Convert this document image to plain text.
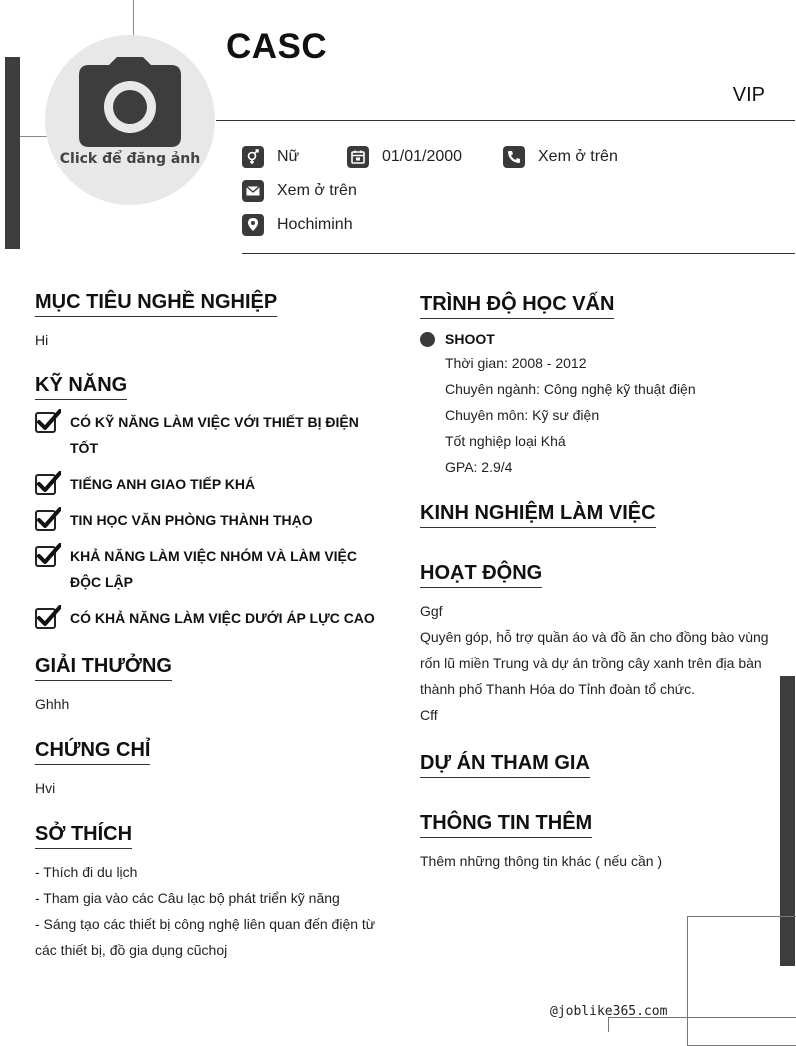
Click để đăng ảnh
CASC
VIP
Nữ	01/01/2000	Xem ở trên
Xem ở trên
Hochiminh
MỤC TIÊU NGHỀ NGHIỆP
Hi
KỸ NĂNG
CÓ KỸ NĂNG LÀM VIỆC VỚI THIẾT BỊ ĐIỆN TỐT
TIẾNG ANH GIAO TIẾP KHÁ
TIN HỌC VĂN PHÒNG THÀNH THẠO
KHẢ NĂNG LÀM VIỆC NHÓM VÀ LÀM VIỆC ĐỘC LẬP
CÓ KHẢ NĂNG LÀM VIỆC DƯỚI ÁP LỰC CAO
GIẢI THƯỞNG
Ghhh
CHỨNG CHỈ
Hvi
SỞ THÍCH
- Thích đi du lịch
- Tham gia vào các Câu lạc bộ phát triển kỹ năng
- Sáng tạo các thiết bị công nghệ liên quan đến điện từ các thiết bị, đồ gia dụng cũchoj
TRÌNH ĐỘ HỌC VẤN
SHOOT
Thời gian: 2008 - 2012
Chuyên ngành: Công nghệ kỹ thuật điện
Chuyên môn: Kỹ sư điện
Tốt nghiệp loại Khá
GPA: 2.9/4
KINH NGHIỆM LÀM VIỆC
HOẠT ĐỘNG
Ggf
Quyên góp, hỗ trợ quần áo và đồ ăn cho đồng bào vùng rốn lũ miền Trung và dự án trồng cây xanh trên địa bàn thành phố Thanh Hóa do Tỉnh đoàn tổ chức.
Cff
DỰ ÁN THAM GIA
THÔNG TIN THÊM
Thêm những thông tin khác ( nếu cần )
@joblike365.com
